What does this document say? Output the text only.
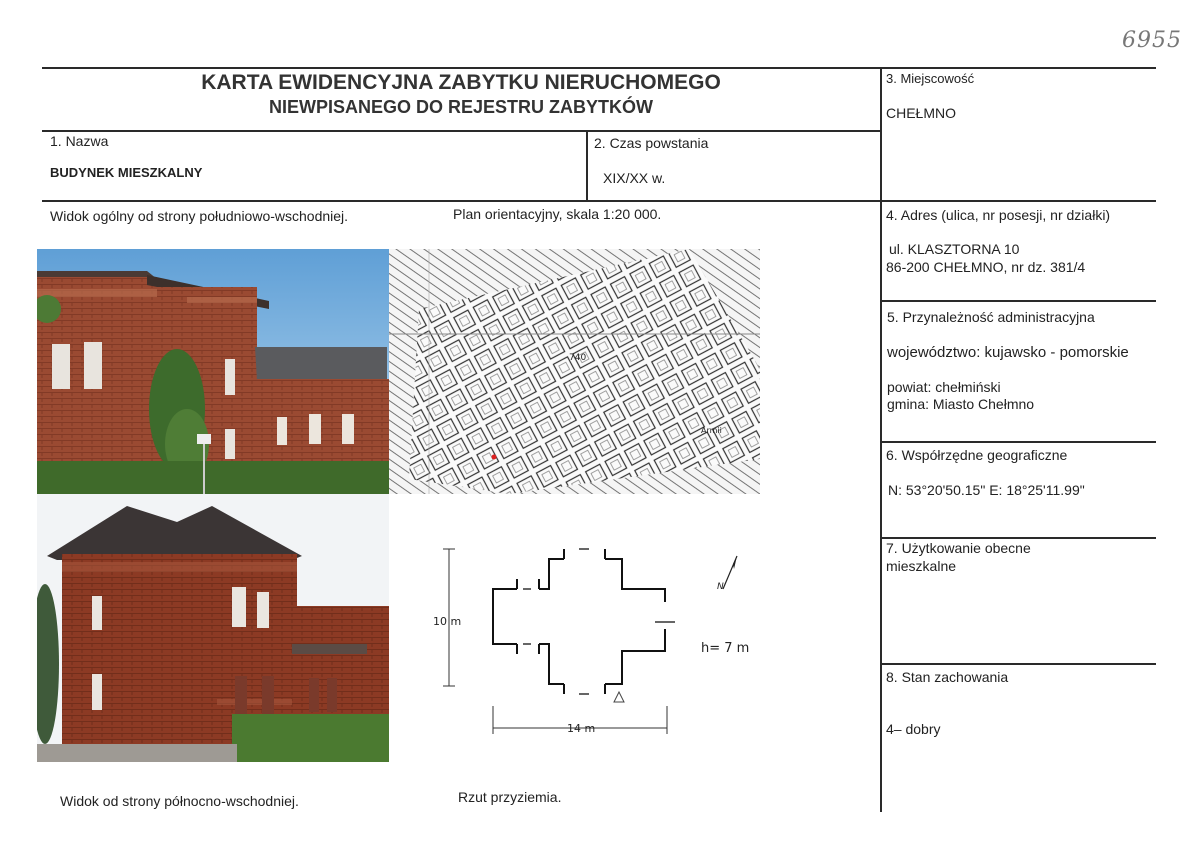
6955
KARTA EWIDENCYJNA ZABYTKU NIERUCHOMEGO
NIEWPISANEGO DO REJESTRU ZABYTKÓW
1. Nazwa
BUDYNEK MIESZKALNY
2. Czas powstania
XIX/XX w.
3. Miejscowość
CHEŁMNO
4. Adres (ulica, nr posesji, nr działki)
ul. KLASZTORNA 10
86-200 CHEŁMNO, nr dz. 381/4
5. Przynależność administracyjna
województwo: kujawsko - pomorskie
powiat: chełmiński
gmina: Miasto Chełmno
6. Współrzędne geograficzne
N: 53°20'50.15" E: 18°25'11.99"
7. Użytkowanie obecne
mieszkalne
8. Stan zachowania
4– dobry
Widok ogólny od strony południowo-wschodniej.	Plan orientacyjny, skala 1:20 000.
Widok od strony północno-wschodniej.	Rzut przyziemia.
740
Armii
10 m
14 m
h= 7 m
N
